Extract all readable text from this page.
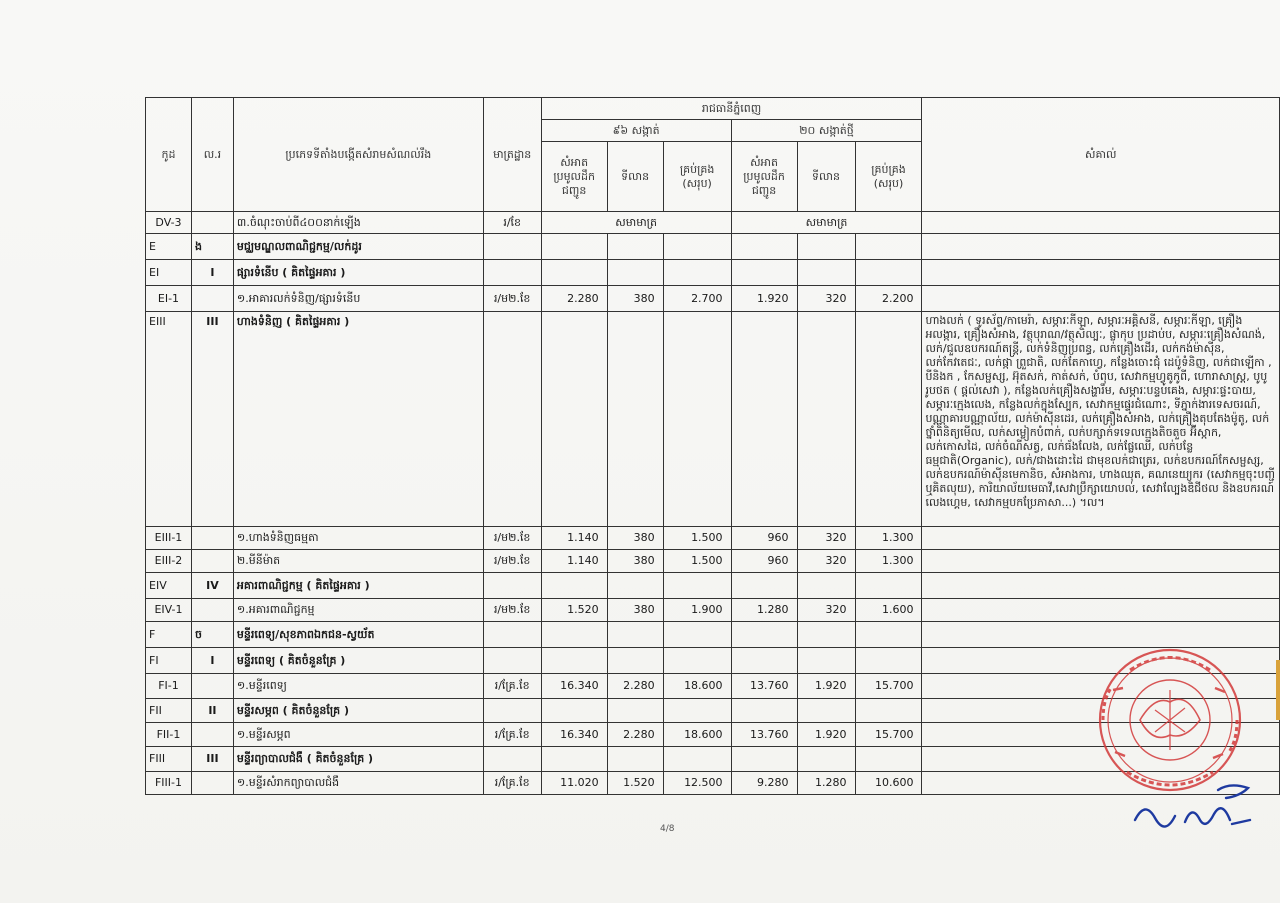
កូដ	ល.រ	ប្រភេទទីតាំងបង្កើតសំរាមសំណល់រឹង	មាត្រដ្ឋាន	រាជធានីភ្នំពេញ						សំគាល់
				៩៦ សង្កាត់			២០ សង្កាត់ថ្មី			
				សំអាត ប្រមូលដឹក ជញ្ជូន	ទីលាន	គ្រប់គ្រង (សរុប)	សំអាត ប្រមូលដឹក ជញ្ជូន	ទីលាន	គ្រប់គ្រង (សរុប)	
DV-3		៣.ចំណុះចាប់ពី៤០០នាក់ឡើង	រ/ខែ	សមាមាត្រ			សមាមាត្រ			
E	ង	មជ្ឈមណ្ឌលពាណិជ្ជកម្ម/លក់ដូរ								
EI	I	ផ្សារទំនើប ( គិតផ្ទៃអគារ )								
EI-1		១.អាគារលក់ទំនិញ/ផ្សារទំនើប	រ/ម២.ខែ	2.280	380	2.700	1.920	320	2.200	
EIII	III	ហាងទំនិញ ( គិតផ្ទៃអគារ )								ហាងលក់ ( ទូរស័ព្ទ/កាមេរ៉ា, សម្ភារៈកីឡា, សម្ភារៈអគ្គិសនី, សម្ភារៈកីឡា, គ្រឿងអលង្ការ, គ្រឿងសំអាង, វត្ថុបុរាណ/វត្ថុសិល្បៈ, ផ្លាកុប ប្រដាប់ប, សម្ភារៈគ្រឿងសំណង់, លក់/ជួលឧបករណ៍តន្ត្រី, លក់ទំនិញប្រពន្ធ, លក់គ្រឿងដើរ, លក់កង់ម៉ាស៊ីន, លក់កែវតេជៈ, លក់ផ្កា ព្រួជាតិ, លក់តែកាហ្វេ, កន្លែងចោះជុំ ដេប៉ូទំនិញ, លក់ជាឡើកា , បីនិងក , កែសម្ផស្ស, អ៊ុតសក់, កាត់សក់, បំពុប, សេវាកម្មហ្វូតូកូពី, ហោរាសាស្ត្រ, បូបូរូបថត ( ផ្តល់សេវា ), កន្លែងលក់គ្រឿងសង្ហារឹម, សម្ភារៈបន្ទប់គេង, សម្ភារៈផ្ទះបាយ, សម្ភារៈក្មេងលេង, កន្លែងលក់ក្នុងស្បែក, សេវាកម្មផ្ទេរជំណោះ, ទីភ្នាក់ងារទេសចរណ៍, បណ្ណាគារបណ្ណាល័យ, លក់ម៉ាស៊ីនដេរ, លក់គ្រឿងសំអាង, លក់គ្រឿងតុបតែងម៉ូតូ, លក់ថ្នាំពិនិត្យមើល, លក់សម្លៀកបំពាក់, លក់បក្សាក់ទទេលក្មេងតិចតួច អ៊ីស្កាក, លក់កោសដៃ, លក់ចំណីសត្វ, លក់ធ័ងលែង, លក់ផ្លែឈើ, លក់បន្លែធម្មជាតិ(Organic), លក់/ជាងដោះដៃ ជាមុខលក់ជាត្រេរ, លក់ឧបករណ៍កែសម្ផស្ស, លក់ឧបករណ៍ម៉ាស៊ីនមេកានិច, សំអាងការ, ហាងឈុត, គណនេយ្យករ (សេវាកម្មចុះបញ្ជី ឬគិតលុយ), ការិយាល័យមេធាវី,សេវាប្រឹក្សាយោបល់, សេវាល្បែងឌិជីថល និងឧបករណ៍លេងហ្គេម, សេវាកម្មបកប្រែភាសា...) ។ល។
EIII-1		១.ហាងទំនិញធម្មតា	រ/ម២.ខែ	1.140	380	1.500	960	320	1.300	
EIII-2		២.មីនីម៉ាត	រ/ម២.ខែ	1.140	380	1.500	960	320	1.300	
EIV	IV	អគារពាណិជ្ជកម្ម ( គិតផ្ទៃអគារ )								
EIV-1		១.អគារពាណិជ្ជកម្ម	រ/ម២.ខែ	1.520	380	1.900	1.280	320	1.600	
F	ច	មន្ទីរពេទ្យ/សុខភាពឯកជន-ស្វយ័ត								
FI	I	មន្ទីរពេទ្យ ( គិតចំនួនគ្រែ )								
FI-1		១.មន្ទីរពេទ្យ	រ/គ្រែ.ខែ	16.340	2.280	18.600	13.760	1.920	15.700	
FII	II	មន្ទីរសម្ភព ( គិតចំនួនគ្រែ )								
FII-1		១.មន្ទីរសម្ភព	រ/គ្រែ.ខែ	16.340	2.280	18.600	13.760	1.920	15.700	
FIII	III	មន្ទីរព្យាបាលជំងឺ ( គិតចំនួនគ្រែ )								
FIII-1		១.មន្ទីរសំរាកព្យាបាលជំងឺ	រ/គ្រែ.ខែ	11.020	1.520	12.500	9.280	1.280	10.600	
4/8
